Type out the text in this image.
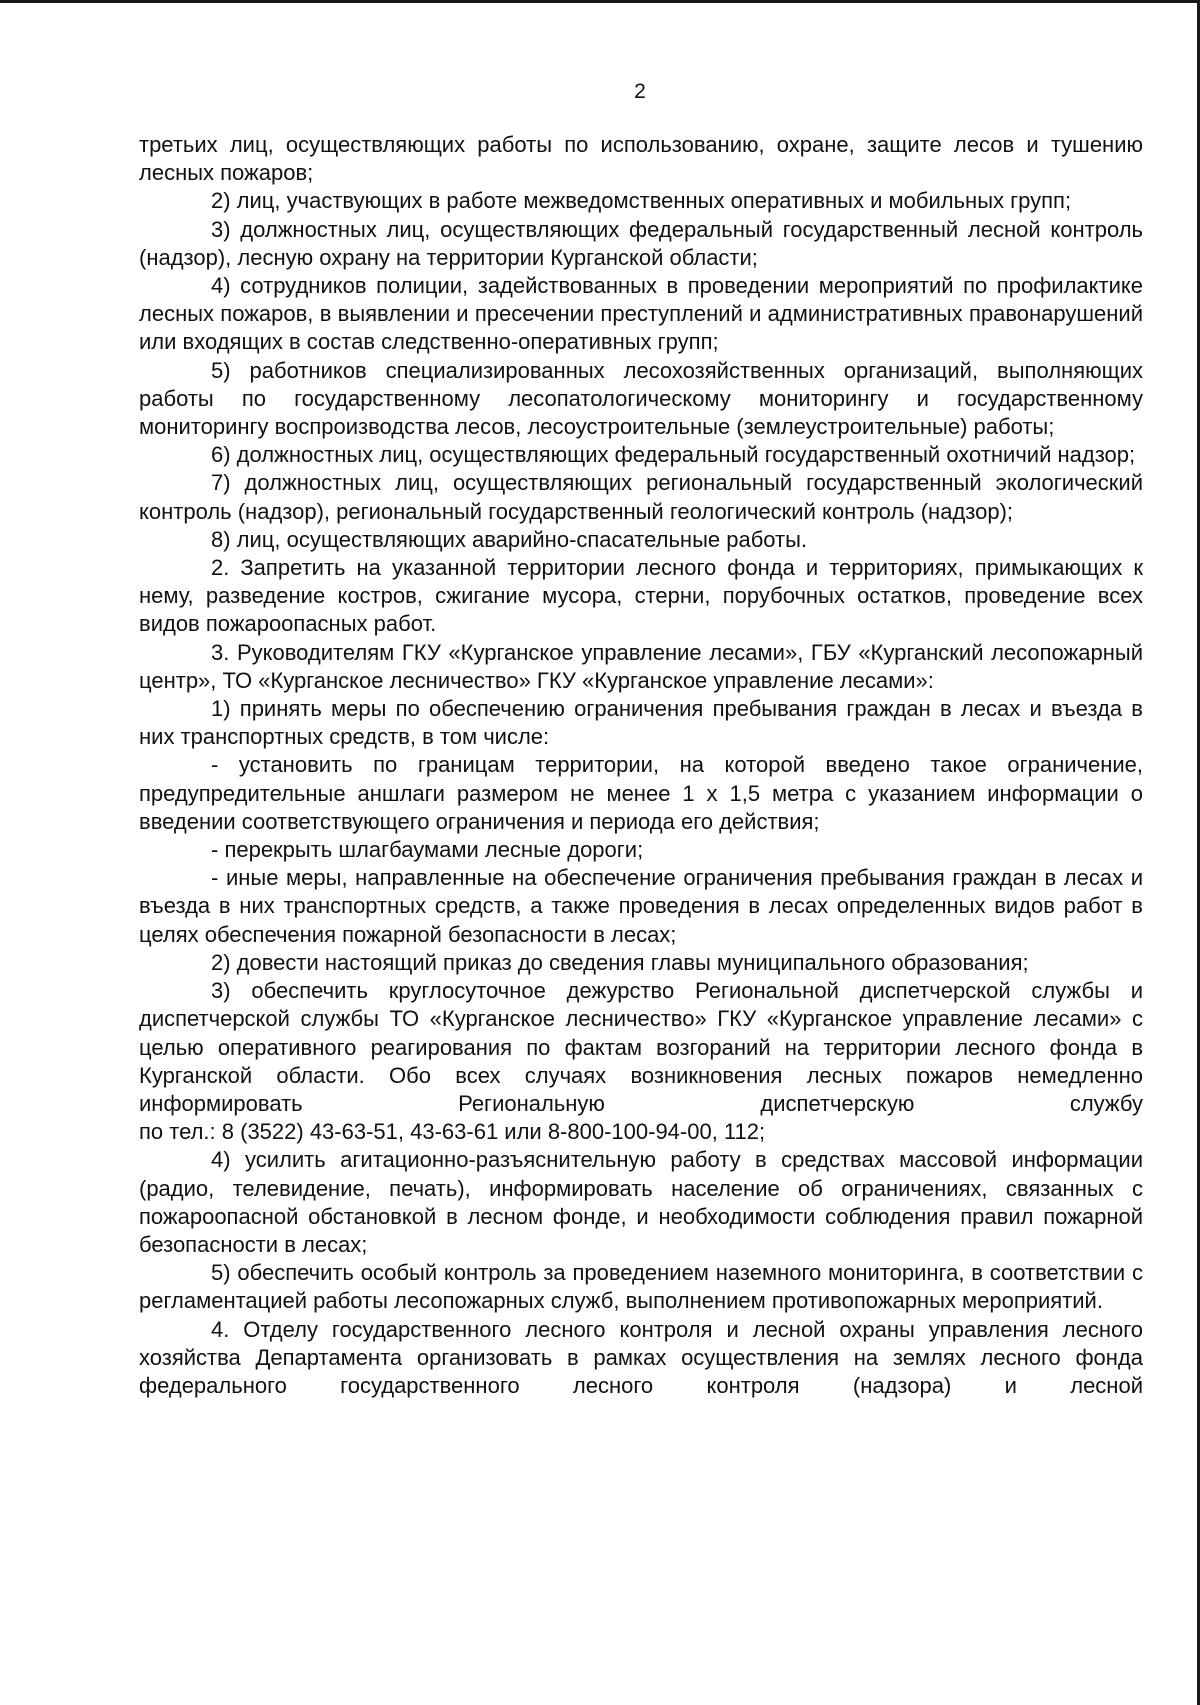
2

третьих лиц, осуществляющих работы по использованию, охране, защите лесов и тушению лесных пожаров;

2) лиц, участвующих в работе межведомственных оперативных и мобильных групп;

3) должностных лиц, осуществляющих федеральный государственный лесной контроль (надзор), лесную охрану на территории Курганской области;

4) сотрудников полиции, задействованных в проведении мероприятий по профилактике лесных пожаров, в выявлении и пресечении преступлений и административных правонарушений или входящих в состав следственно-оперативных групп;

5) работников специализированных лесохозяйственных организаций, выполняющих работы по государственному лесопатологическому мониторингу и государственному мониторингу воспроизводства лесов, лесоустроительные (землеустроительные) работы;

6) должностных лиц, осуществляющих федеральный государственный охотничий надзор;

7) должностных лиц, осуществляющих региональный государственный экологический контроль (надзор), региональный государственный геологический контроль (надзор);

8) лиц, осуществляющих аварийно-спасательные работы.

2. Запретить на указанной территории лесного фонда и территориях, примыкающих к нему, разведение костров, сжигание мусора, стерни, порубочных остатков, проведение всех видов пожароопасных работ.

3. Руководителям ГКУ «Курганское управление лесами», ГБУ «Курганский лесопожарный центр», ТО «Курганское лесничество» ГКУ «Курганское управление лесами»:

1) принять меры по обеспечению ограничения пребывания граждан в лесах и въезда в них транспортных средств, в том числе:

- установить по границам территории, на которой введено такое ограничение, предупредительные аншлаги размером не менее 1 х 1,5 метра с указанием информации о введении соответствующего ограничения и периода его действия;

- перекрыть шлагбаумами лесные дороги;

- иные меры, направленные на обеспечение ограничения пребывания граждан в лесах и въезда в них транспортных средств, а также проведения в лесах определенных видов работ в целях обеспечения пожарной безопасности в лесах;

2) довести настоящий приказ до сведения главы муниципального образования;

3) обеспечить круглосуточное дежурство Региональной диспетчерской службы и диспетчерской службы ТО «Курганское лесничество» ГКУ «Курганское управление лесами» с целью оперативного реагирования по фактам возгораний на территории лесного фонда в Курганской области. Обо всех случаях возникновения лесных пожаров немедленно информировать Региональную диспетчерскую службу

по тел.: 8 (3522) 43-63-51, 43-63-61 или 8-800-100-94-00, 112;

4) усилить агитационно-разъяснительную работу в средствах массовой информации (радио, телевидение, печать), информировать население об ограничениях, связанных с пожароопасной обстановкой в лесном фонде, и необходимости соблюдения правил пожарной безопасности в лесах;

5) обеспечить особый контроль за проведением наземного мониторинга, в соответствии с регламентацией работы лесопожарных служб, выполнением противопожарных мероприятий.

4. Отделу государственного лесного контроля и лесной охраны управления лесного хозяйства Департамента организовать в рамках осуществления на землях лесного фонда федерального государственного лесного контроля (надзора) и лесной
